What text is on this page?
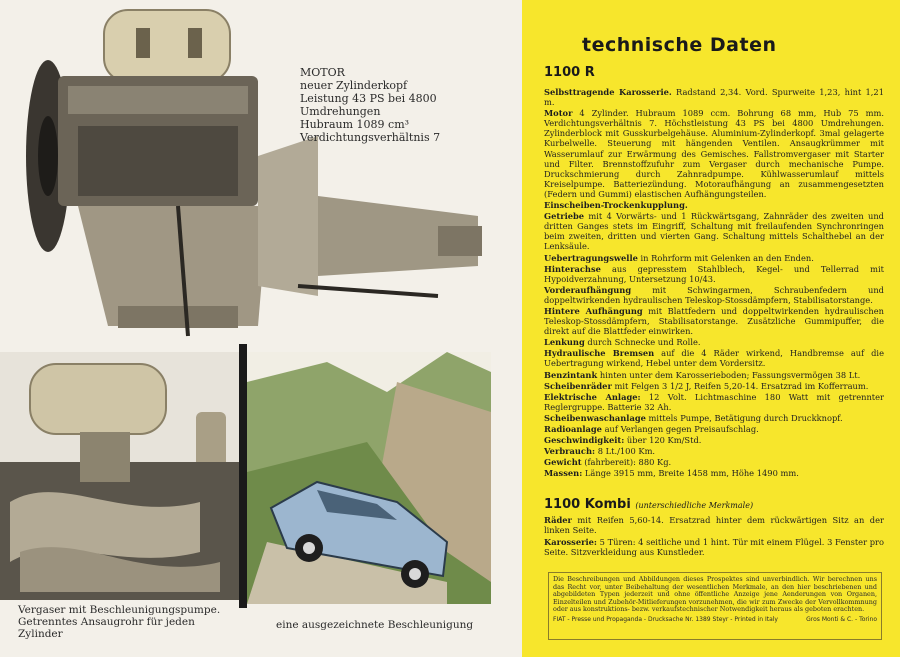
MOTOR
neuer Zylinderkopf
Leistung 43 PS bei 4800 Umdrehungen
Hubraum 1089 cm³
Verdichtungsverhältnis 7
Vergaser mit Beschleunigungspumpe. Getrenntes Ansaugrohr für jeden Zylinder
eine ausgezeichnete Beschleunigung
technische Daten
1100 R

Selbsttragende Karosserie. Radstand 2,34. Vord. Spurweite 1,23, hint 1,21 m.

Motor 4 Zylinder. Hubraum 1089 ccm. Bohrung 68 mm, Hub 75 mm. Verdichtungsverhältnis 7. Höchstleistung 43 PS bei 4800 Umdrehungen. Zylinderblock mit Gusskurbelgehäuse. Aluminium-Zylinderkopf. 3mal gelagerte Kurbelwelle. Steuerung mit hängenden Ventilen. Ansaugkrümmer mit Wasserumlauf zur Erwärmung des Gemisches. Fallstromvergaser mit Starter und Filter. Brennstoffzufuhr zum Vergaser durch mechanische Pumpe. Druckschmierung durch Zahnradpumpe. Kühlwasserumlauf mittels Kreiselpumpe. Batteriezündung. Motoraufhängung an zusammengesetzten (Federn und Gummi) elastischen Aufhängungsteilen.

Einscheiben-Trockenkupplung.

Getriebe mit 4 Vorwärts- und 1 Rückwärtsgang, Zahnräder des zweiten und dritten Ganges stets im Eingriff, Schaltung mit freilaufenden Synchronringen beim zweiten, dritten und vierten Gang. Schaltung mittels Schalthebel an der Lenksäule.

Uebertragungswelle in Rohrform mit Gelenken an den Enden.

Hinterachse aus gepresstem Stahlblech, Kegel- und Tellerrad mit Hypoidverzahnung, Untersetzung 10/43.

Vorderaufhängung mit Schwingarmen, Schraubenfedern und doppeltwirkenden hydraulischen Teleskop-Stossdämpfern, Stabilisatorstange.

Hintere Aufhängung mit Blattfedern und doppeltwirkenden hydraulischen Teleskop-Stossdämpfern, Stabilisatorstange. Zusätzliche Gummipuffer, die direkt auf die Blattfeder einwirken.

Lenkung durch Schnecke und Rolle.

Hydraulische Bremsen auf die 4 Räder wirkend, Handbremse auf die Uebertragung wirkend, Hebel unter dem Vordersitz.

Benzintank hinten unter dem Karosserieboden; Fassungsvermögen 38 Lt.

Scheibenräder mit Felgen 3 1/2 J, Reifen 5,20-14. Ersatzrad im Kofferraum.

Elektrische Anlage: 12 Volt. Lichtmaschine 180 Watt mit getrennter Reglergruppe. Batterie 32 Ah.

Scheibenwaschanlage mittels Pumpe, Betätigung durch Druckknopf.

Radioanlage auf Verlangen gegen Preisaufschlag.

Geschwindigkeit: über 120 Km/Std.

Verbrauch: 8 Lt./100 Km.

Gewicht (fahrbereit): 880 Kg.

Massen: Länge 3915 mm, Breite 1458 mm, Höhe 1490 mm.

1100 Kombi (unterschiedliche Merkmale)

Räder mit Reifen 5,60-14. Ersatzrad hinter dem rückwärtigen Sitz an der linken Seite.

Karosserie: 5 Türen: 4 seitliche und 1 hint. Tür mit einem Flügel. 3 Fenster pro Seite. Sitzverkleidung aus Kunstleder.

Die Beschreibungen und Abbildungen dieses Prospektes sind unverbindlich. Wir berechnen uns das Recht vor, unter Beibehaltung der wesentlichen Merkmale, an den hier beschriebenen und abgebildeten Typen jederzeit und ohne öffentliche Anzeige jene Aenderungen von Organen, Einzelteilen und Zubehör-Mitlieferungen vorzunehmen, die wir zum Zwecke der Vervollkommnung oder aus konstruktions- bezw. verkaufstechnischer Notwendigkeit heraus als geboten erachten.
FIAT - Presse und Propaganda - Drucksache Nr. 1389 Steyr - Printed in Italy	Gros Monti & C. - Torino
